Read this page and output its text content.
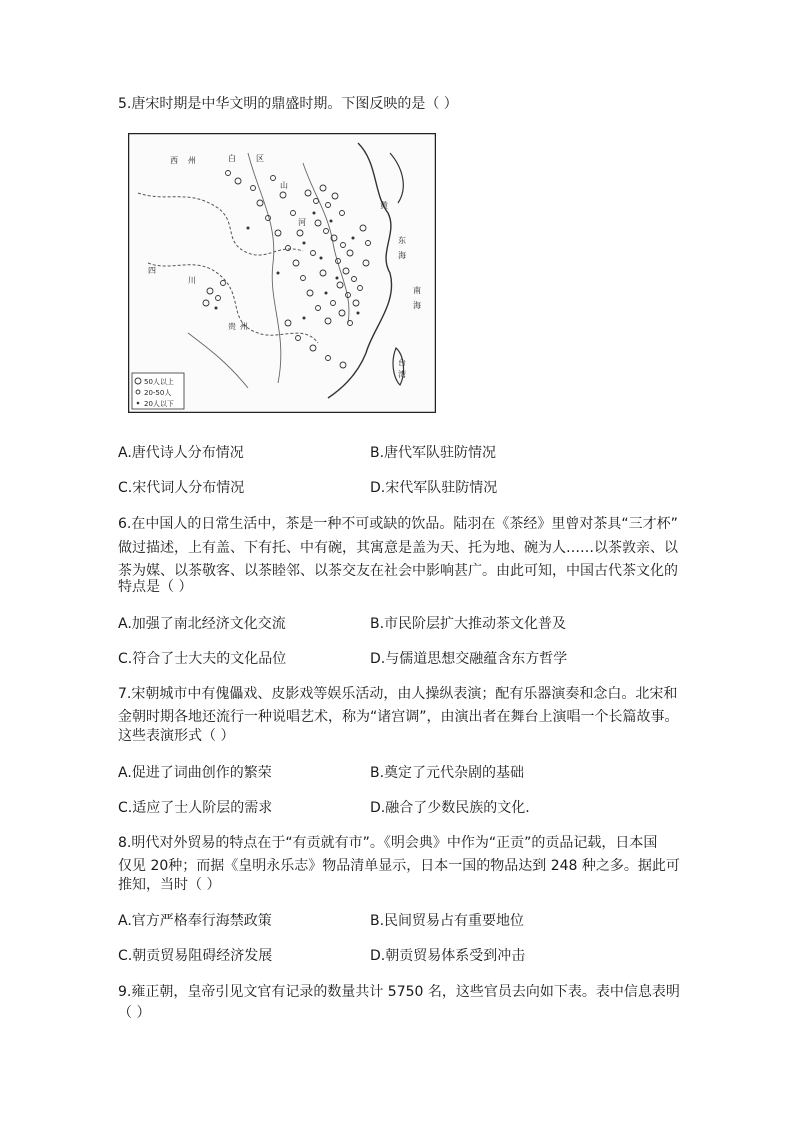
5.唐宋时期是中华文明的鼎盛时期。下图反映的是（ ）
西 州	白	区
山
河
黄
四
川
贵 州
东
海
南
海
台
湾
50人以上
20-50人
20人以下
A.唐代诗人分布情况	B.唐代军队驻防情况
C.宋代词人分布情况	D.宋代军队驻防情况
6.在中国人的日常生活中，茶是一种不可或缺的饮品。陆羽在《茶经》里曾对茶具“三才杯”
做过描述，上有盖、下有托、中有碗，其寓意是盖为天、托为地、碗为人……以茶敦亲、以
茶为媒、以茶敬客、以茶睦邻、以茶交友在社会中影响甚广。由此可知，中国古代茶文化的
特点是（ ）
A.加强了南北经济文化交流	B.市民阶层扩大推动茶文化普及
C.符合了士大夫的文化品位	D.与儒道思想交融蕴含东方哲学
7.宋朝城市中有傀儡戏、皮影戏等娱乐活动，由人操纵表演；配有乐器演奏和念白。北宋和
金朝时期各地还流行一种说唱艺术，称为“诸宫调”，由演出者在舞台上演唱一个长篇故事。
这些表演形式（ ）
A.促进了词曲创作的繁荣	B.奠定了元代杂剧的基础
C.适应了士人阶层的需求	D.融合了少数民族的文化.
8.明代对外贸易的特点在于“有贡就有市”。《明会典》中作为“正贡”的贡品记载，日本国
仅见 20种；而据《皇明永乐志》物品清单显示，日本一国的物品达到 248 种之多。据此可
推知，当时（ ）
A.官方严格奉行海禁政策	B.民间贸易占有重要地位
C.朝贡贸易阻碍经济发展	D.朝贡贸易体系受到冲击
9.雍正朝，皇帝引见文官有记录的数量共计 5750 名，这些官员去向如下表。表中信息表明
（ ）
